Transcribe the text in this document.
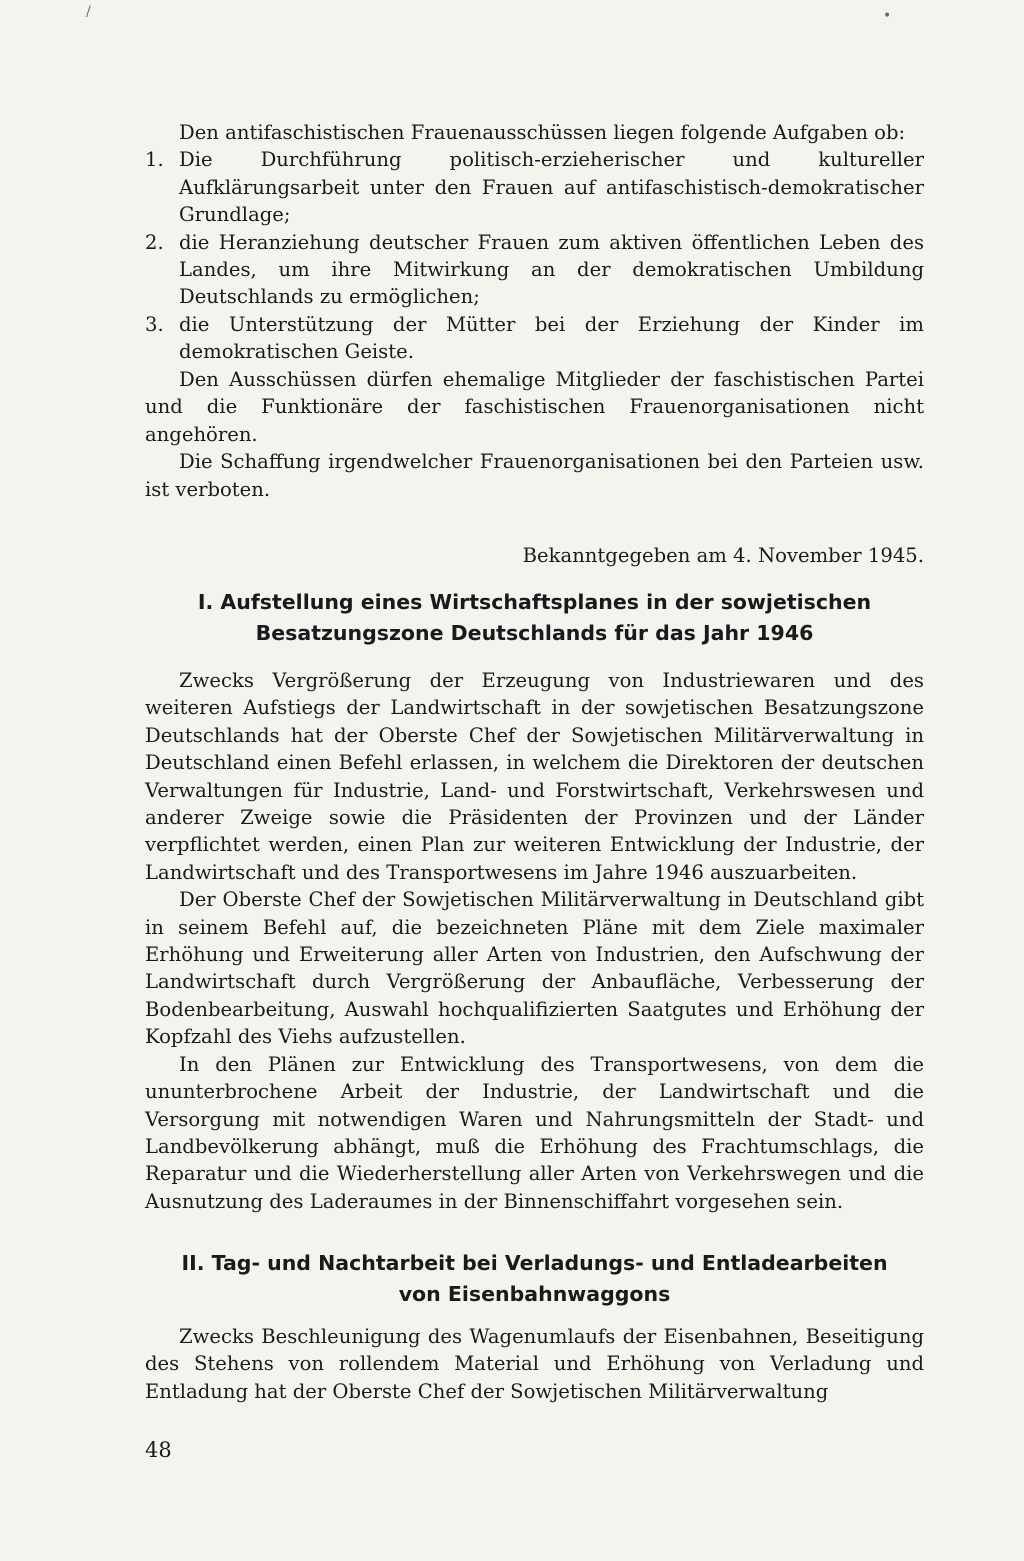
/	•

Den antifaschistischen Frauenausschüssen liegen folgende Aufgaben ob:

1. Die Durchführung politisch-erzieherischer und kultureller Aufklärungsarbeit unter den Frauen auf antifaschistisch-demokratischer Grundlage;
2. die Heranziehung deutscher Frauen zum aktiven öffentlichen Leben des Landes, um ihre Mitwirkung an der demokratischen Umbildung Deutschlands zu ermöglichen;
3. die Unterstützung der Mütter bei der Erziehung der Kinder im demokratischen Geiste.

Den Ausschüssen dürfen ehemalige Mitglieder der faschistischen Partei und die Funktionäre der faschistischen Frauenorganisationen nicht angehören.

Die Schaffung irgendwelcher Frauenorganisationen bei den Parteien usw. ist verboten.

Bekanntgegeben am 4. November 1945.

I. Aufstellung eines Wirtschaftsplanes in der sowjetischen
Besatzungszone Deutschlands für das Jahr 1946

Zwecks Vergrößerung der Erzeugung von Industriewaren und des weiteren Aufstiegs der Landwirtschaft in der sowjetischen Besatzungszone Deutschlands hat der Oberste Chef der Sowjetischen Militärverwaltung in Deutschland einen Befehl erlassen, in welchem die Direktoren der deutschen Verwaltungen für Industrie, Land- und Forstwirtschaft, Verkehrswesen und anderer Zweige sowie die Präsidenten der Provinzen und der Länder verpflichtet werden, einen Plan zur weiteren Entwicklung der Industrie, der Landwirtschaft und des Transportwesens im Jahre 1946 auszuarbeiten.

Der Oberste Chef der Sowjetischen Militärverwaltung in Deutschland gibt in seinem Befehl auf, die bezeichneten Pläne mit dem Ziele maximaler Erhöhung und Erweiterung aller Arten von Industrien, den Aufschwung der Landwirtschaft durch Vergrößerung der Anbaufläche, Verbesserung der Bodenbearbeitung, Auswahl hochqualifizierten Saatgutes und Erhöhung der Kopfzahl des Viehs aufzustellen.

In den Plänen zur Entwicklung des Transportwesens, von dem die ununterbrochene Arbeit der Industrie, der Landwirtschaft und die Versorgung mit notwendigen Waren und Nahrungsmitteln der Stadt- und Landbevölkerung abhängt, muß die Erhöhung des Frachtumschlags, die Reparatur und die Wiederherstellung aller Arten von Verkehrswegen und die Ausnutzung des Laderaumes in der Binnenschiffahrt vorgesehen sein.

II. Tag- und Nachtarbeit bei Verladungs- und Entladearbeiten
von Eisenbahnwaggons

Zwecks Beschleunigung des Wagenumlaufs der Eisenbahnen, Beseitigung des Stehens von rollendem Material und Erhöhung von Verladung und Entladung hat der Oberste Chef der Sowjetischen Militärverwaltung

48
